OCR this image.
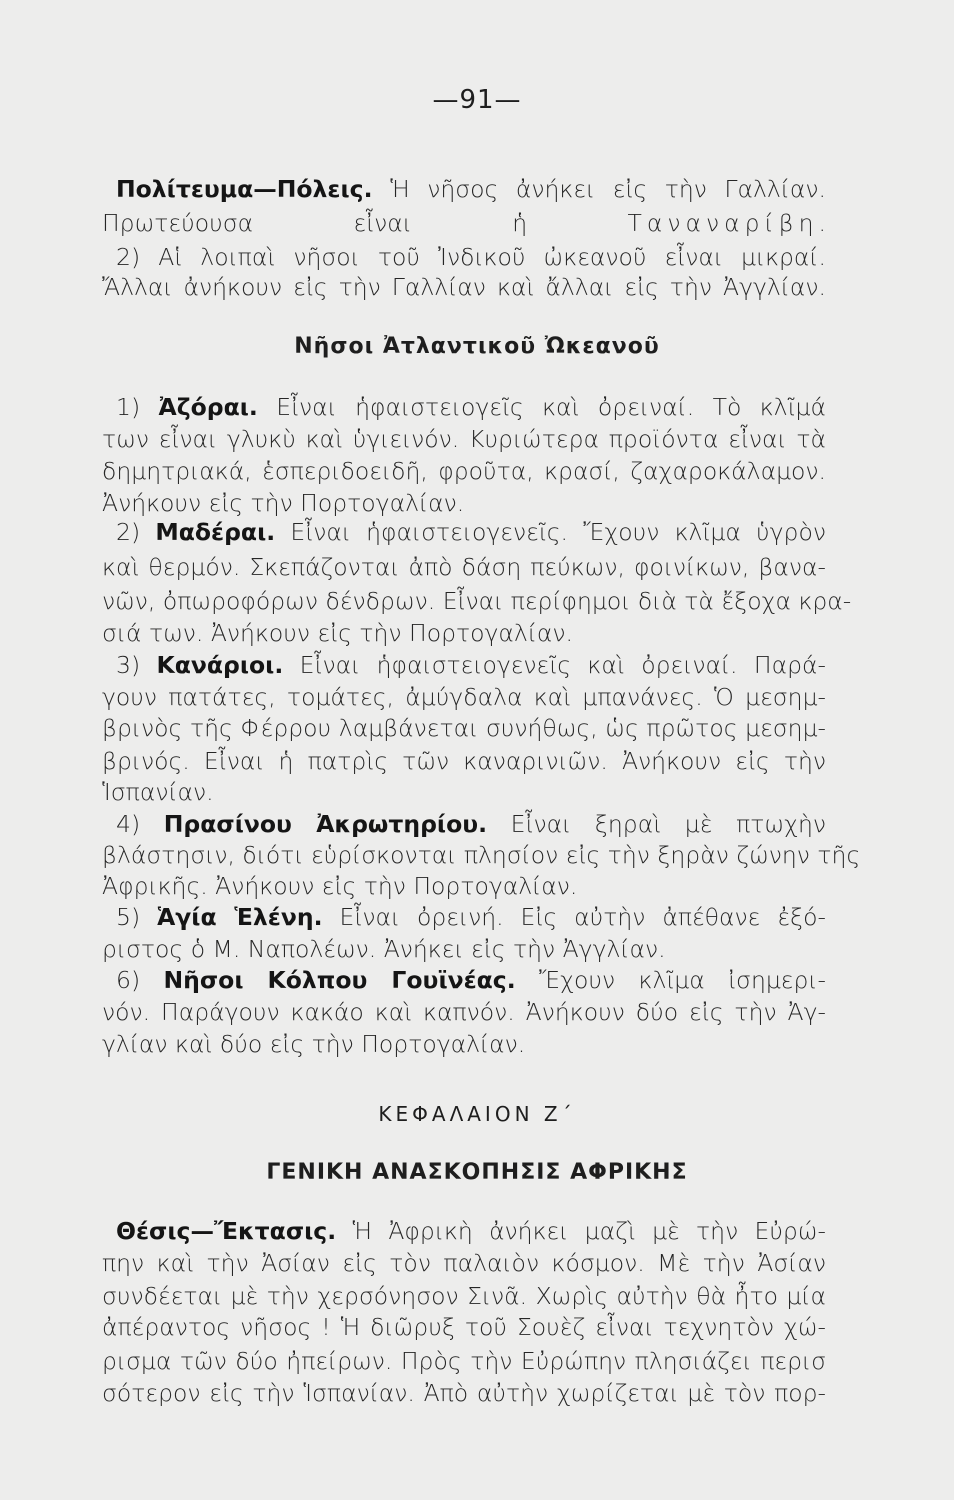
—91—
Πολίτευμα—Πόλεις. Ἡ νῆσος ἀνήκει εἰς τὴν Γαλλίαν.
Πρωτεύουσα εἶναι ἡ Ταναναρίβη.
2) Αἱ λοιπαὶ νῆσοι τοῦ Ἰνδικοῦ ὠκεανοῦ εἶναι μικραί.
Ἄλλαι ἀνήκουν εἰς τὴν Γαλλίαν καὶ ἄλλαι εἰς τὴν Ἀγγλίαν.
Νῆσοι Ἀτλαντικοῦ Ὠκεανοῦ
1) Ἀζόραι. Εἶναι ἡφαιστειογεῖς καὶ ὀρειναί. Τὸ κλῖμά
των εἶναι γλυκὺ καὶ ὑγιεινόν. Κυριώτερα προϊόντα εἶναι τὰ
δημητριακά, ἑσπεριδοειδῆ, φροῦτα, κρασί, ζαχαροκάλαμον.
Ἀνήκουν εἰς τὴν Πορτογαλίαν.
2) Μαδέραι. Εἶναι ἡφαιστειογενεῖς. Ἔχουν κλῖμα ὑγρὸν
καὶ θερμόν. Σκεπάζονται ἀπὸ δάση πεύκων, φοινίκων, βανα-
νῶν, ὀπωροφόρων δένδρων. Εἶναι περίφημοι διὰ τὰ ἔξοχα κρα-
σιά των. Ἀνήκουν εἰς τὴν Πορτογαλίαν.
3) Κανάριοι. Εἶναι ἡφαιστειογενεῖς καὶ ὀρειναί. Παρά-
γουν πατάτες, τομάτες, ἀμύγδαλα καὶ μπανάνες. Ὁ μεσημ-
βρινὸς τῆς Φέρρου λαμβάνεται συνήθως, ὡς πρῶτος μεσημ-
βρινός. Εἶναι ἡ πατρὶς τῶν καναρινιῶν. Ἀνήκουν εἰς τὴν
Ἱσπανίαν.
4) Πρασίνου Ἀκρωτηρίου. Εἶναι ξηραὶ μὲ πτωχὴν
βλάστησιν, διότι εὑρίσκονται πλησίον εἰς τὴν ξηρὰν ζώνην τῆς
Ἀφρικῆς. Ἀνήκουν εἰς τὴν Πορτογαλίαν.
5) Ἁγία Ἑλένη. Εἶναι ὀρεινή. Εἰς αὐτὴν ἀπέθανε ἐξό-
ριστος ὁ Μ. Ναπολέων. Ἀνήκει εἰς τὴν Ἀγγλίαν.
6) Νῆσοι Κόλπου Γουϊνέας. Ἔχουν κλῖμα ἰσημερι-
νόν. Παράγουν κακάο καὶ καπνόν. Ἀνήκουν δύο εἰς τὴν Ἀγ-
γλίαν καὶ δύο εἰς τὴν Πορτογαλίαν.
ΚΕΦΑΛΑΙΟΝ Ζ΄
ΓΕΝΙΚΗ ΑΝΑΣΚΟΠΗΣΙΣ ΑΦΡΙΚΗΣ
Θέσις—Ἔκτασις. Ἡ Ἀφρικὴ ἀνήκει μαζὶ μὲ τὴν Εὐρώ-
πην καὶ τὴν Ἀσίαν εἰς τὸν παλαιὸν κόσμον. Μὲ τὴν Ἀσίαν
συνδέεται μὲ τὴν χερσόνησον Σινᾶ. Χωρὶς αὐτὴν θὰ ἦτο μία
ἀπέραντος νῆσος ! Ἡ διῶρυξ τοῦ Σουὲζ εἶναι τεχνητὸν χώ-
ρισμα τῶν δύο ἠπείρων. Πρὸς τὴν Εὐρώπην πλησιάζει περισ
σότερον εἰς τὴν Ἱσπανίαν. Ἀπὸ αὐτὴν χωρίζεται μὲ τὸν πορ-
